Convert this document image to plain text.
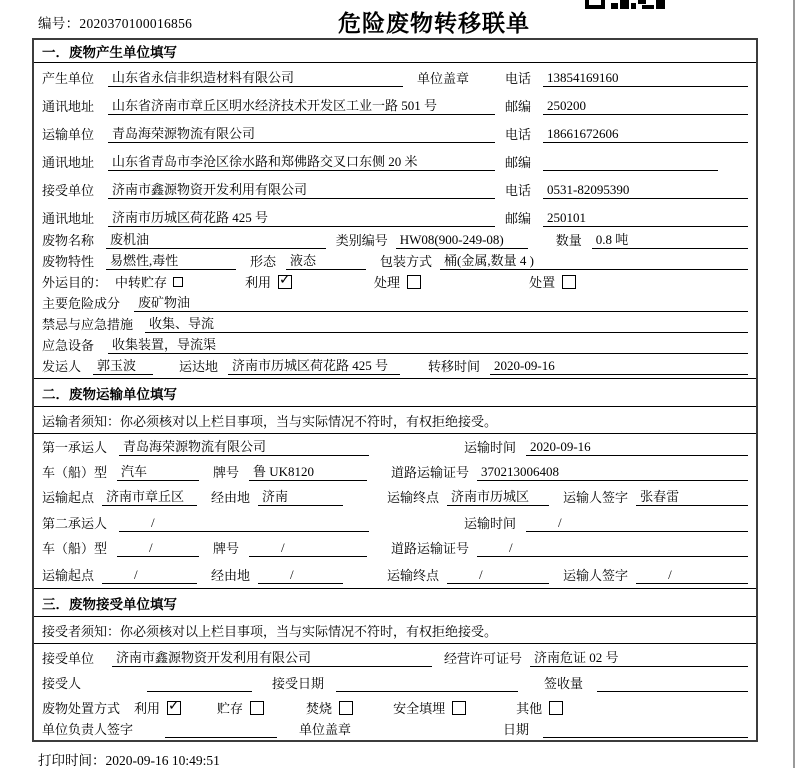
编号：2020370100016856	危险废物转移联单
一．废物产生单位填写
产生单位	山东省永信非织造材料有限公司	单位盖章	电话	13854169160
通讯地址	山东省济南市章丘区明水经济技术开发区工业一路 501 号	邮编	250200
运输单位	青岛海荣源物流有限公司	电话	18661672606
通讯地址	山东省青岛市李沧区徐水路和郑佛路交叉口东侧 20 米	邮编
接受单位	济南市鑫源物资开发利用有限公司	电话	0531-82095390
通讯地址	济南市历城区荷花路 425 号	邮编	250101
废物名称	废机油	类别编号 HW08(900-249-08)	数量	0.8 吨
废物特性	易燃性,毒性	形态	液态	包装方式 桶(金属,数量 4 )
外运目的： 中转贮存	利用 ✓	处理	处置
主要危险成分	废矿物油
禁忌与应急措施	收集、导流
应急设备	收集装置，导流渠
发运人	郭玉波	运达地	济南市历城区荷花路 425 号	转移时间	2020-09-16
二．废物运输单位填写
运输者须知： 你必须核对以上栏目事项，当与实际情况不符时，有权拒绝接受。
第一承运人	青岛海荣源物流有限公司	运输时间	2020-09-16
车（船）型	汽车	牌号	鲁 UK8120	道路运输证号 370213006408
运输起点 济南市章丘区	经由地 济南	运输终点 济南市历城区	运输人签字 张春雷
第二承运人	/	运输时间	/
车（船）型	/	牌号	/	道路运输证号	/
运输起点	/	经由地	/	运输终点	/	运输人签字	/
三．废物接受单位填写
接受者须知： 你必须核对以上栏目事项，当与实际情况不符时，有权拒绝接受。
接受单位	济南市鑫源物资开发利用有限公司	经营许可证号 济南危证 02 号
接受人	接受日期	签收量
废物处置方式 利用 ✓	贮存	焚烧	安全填埋	其他
单位负责人签字	单位盖章	日期
打印时间：2020-09-16 10:49:51
